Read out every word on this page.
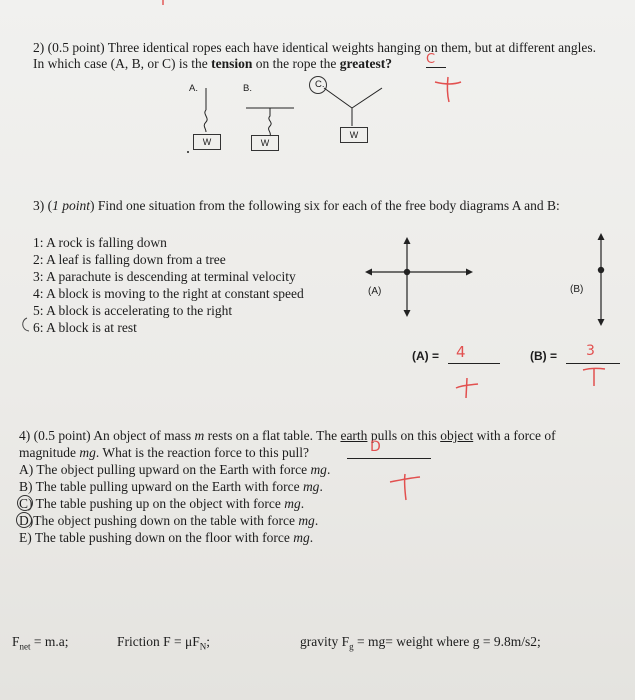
2) (0.5 point) Three identical ropes each have identical weights hanging on them, but at different angles.
In which case (A, B, or C) is the tension on the rope the greatest?	C
A.	B.	C.
W	W
W
3) (1 point) Find one situation from the following six for each of the free body diagrams A and B:
1: A rock is falling down
2: A leaf is falling down from a tree
3: A parachute is descending at terminal velocity
4: A block is moving to the right at constant speed
5: A block is accelerating to the right
6: A block is at rest
(A)	(B)
(A) = 4	(B) = 3
4) (0.5 point) An object of mass m rests on a flat table. The earth pulls on this object with a force of
magnitude mg. What is the reaction force to this pull?	D
A) The object pulling upward on the Earth with force mg.
B) The table pulling upward on the Earth with force mg.
C) The table pushing up on the object with force mg.
D)The object pushing down on the table with force mg.
E) The table pushing down on the floor with force mg.
$F_{net} = m.a$;	Friction $F = \mu F_N$;	gravity $F_g = mg=$ weight where g = 9.8m/s2;
